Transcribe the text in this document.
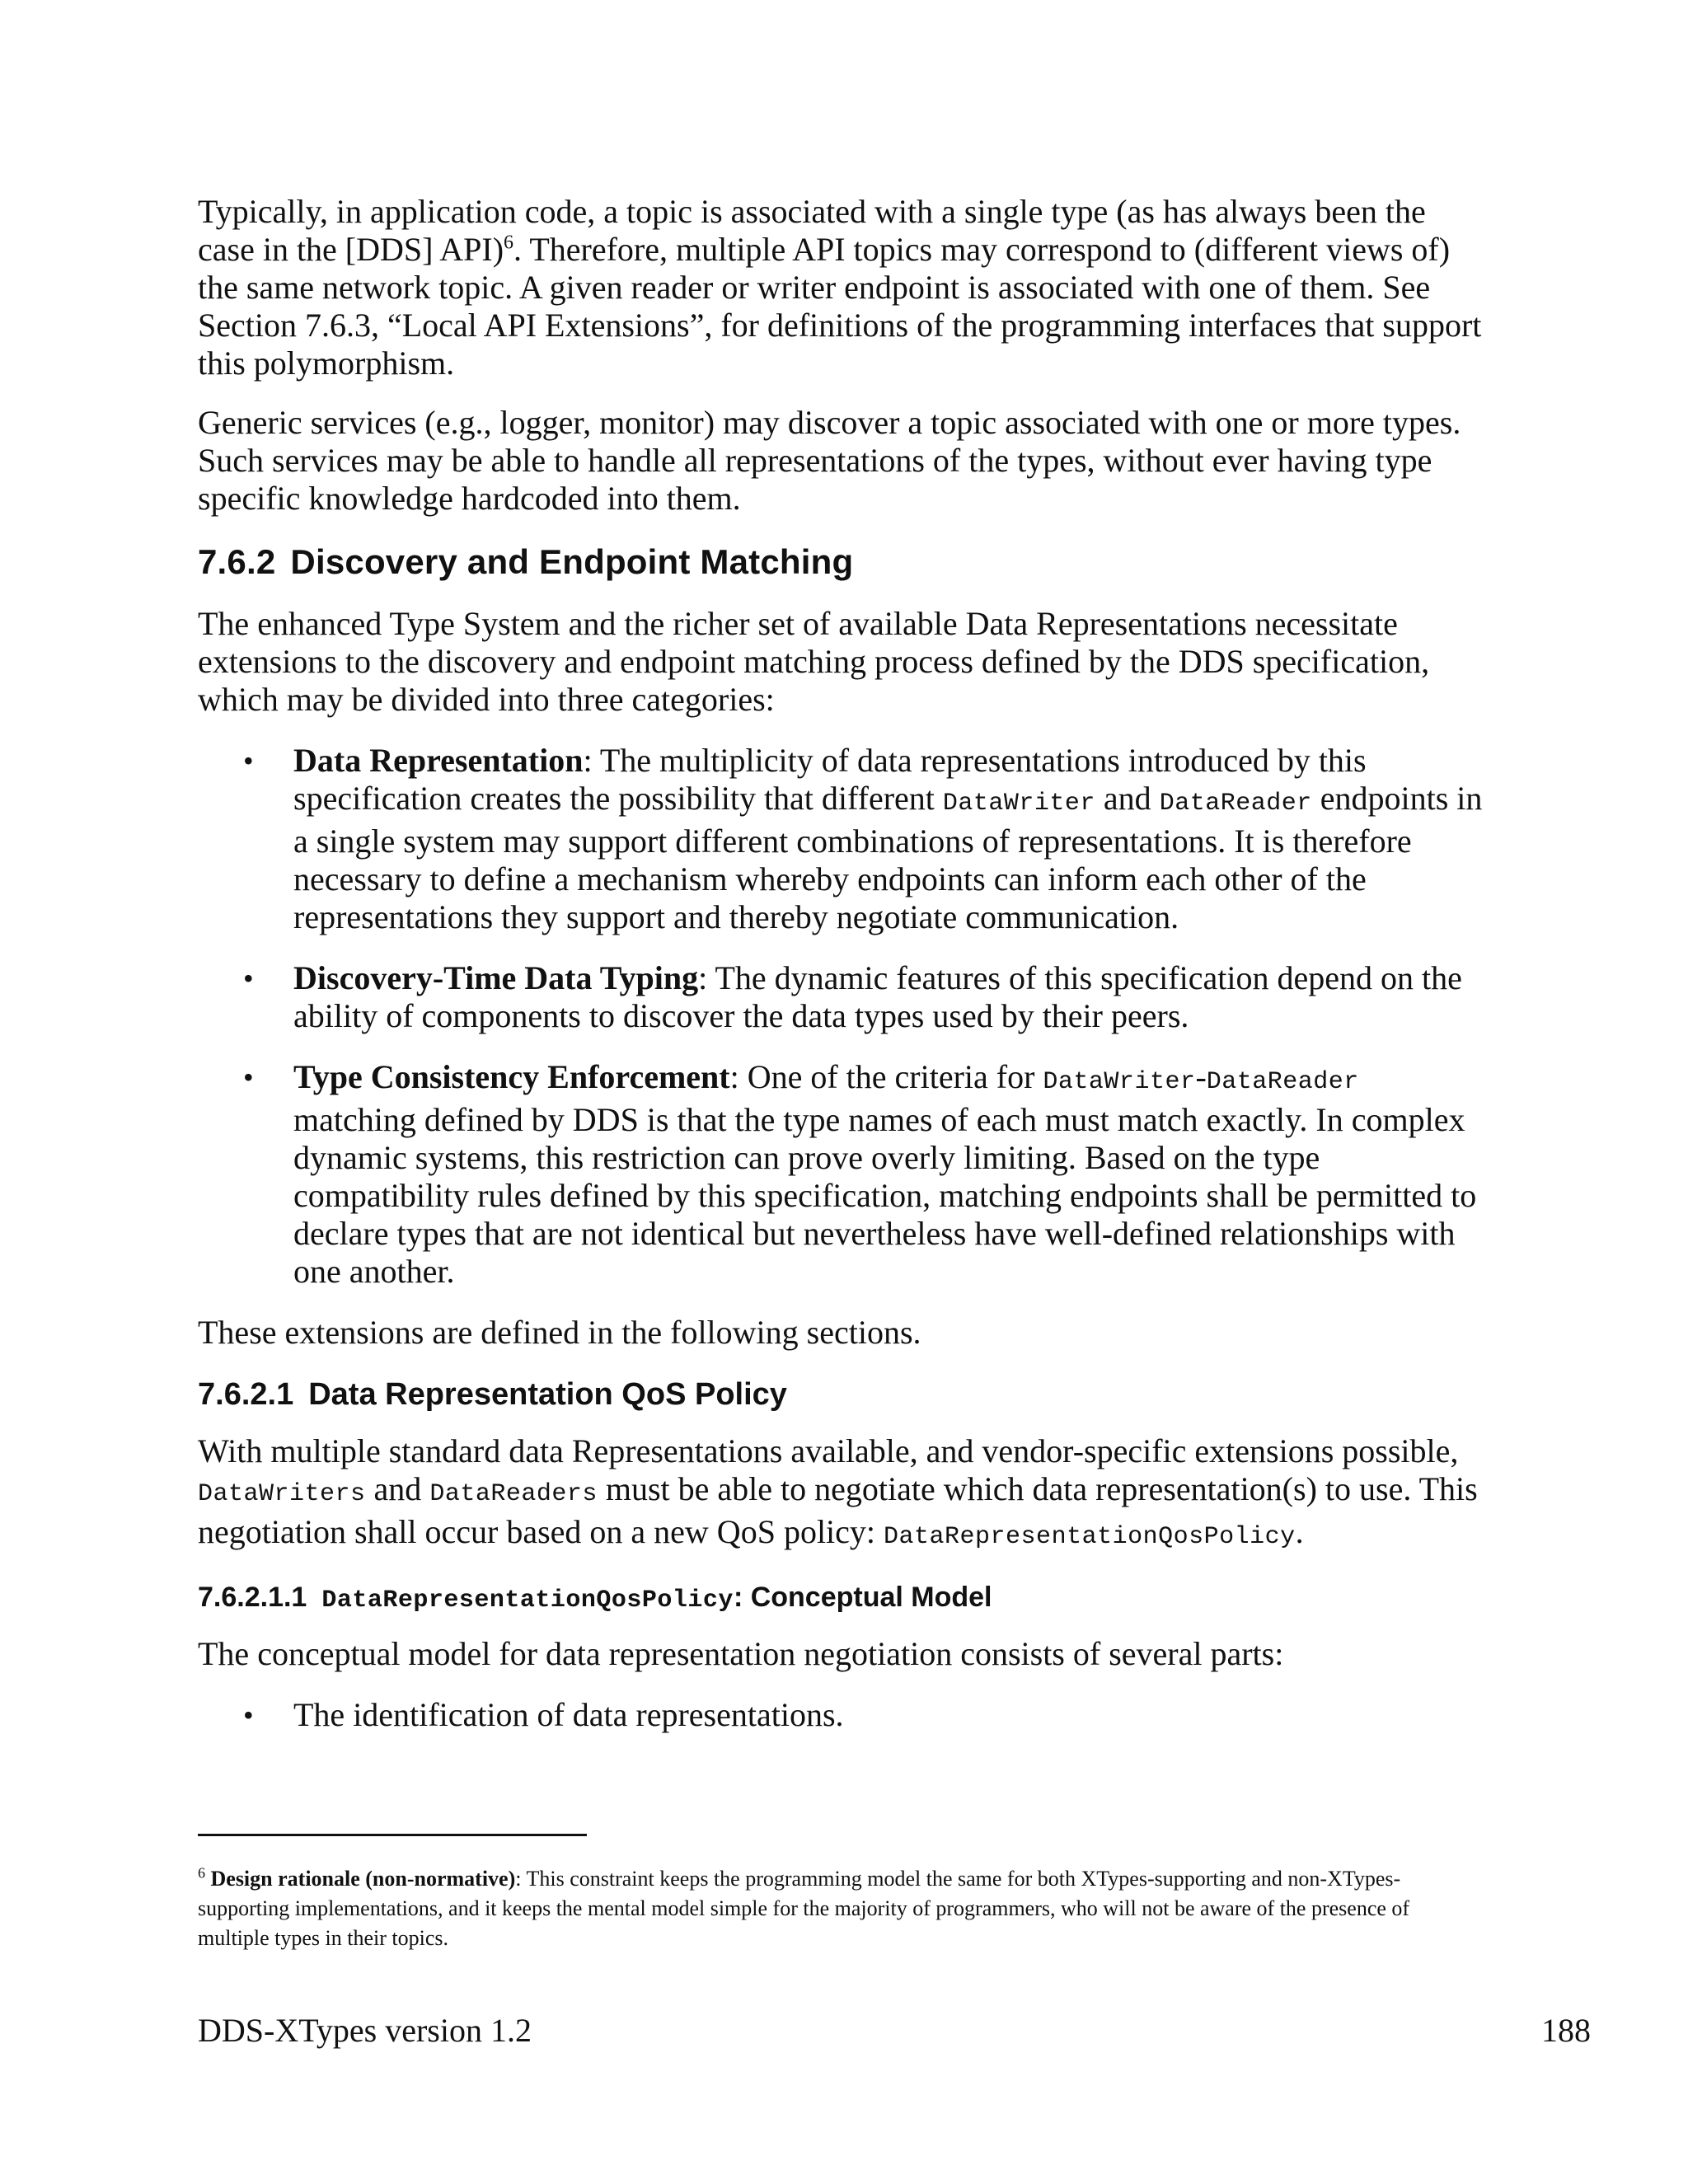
Typically, in application code, a topic is associated with a single type (as has always been the case in the [DDS] API)$^6$. Therefore, multiple API topics may correspond to (different views of) the same network topic. A given reader or writer endpoint is associated with one of them. See Section 7.6.3, “Local API Extensions”, for definitions of the programming interfaces that support this polymorphism.

Generic services (e.g., logger, monitor) may discover a topic associated with one or more types. Such services may be able to handle all representations of the types, without ever having type specific knowledge hardcoded into them.

7.6.2 Discovery and Endpoint Matching

The enhanced Type System and the richer set of available Data Representations necessitate extensions to the discovery and endpoint matching process defined by the DDS specification, which may be divided into three categories:

• Data Representation: The multiplicity of data representations introduced by this specification creates the possibility that different DataWriter and DataReader endpoints in a single system may support different combinations of representations. It is therefore necessary to define a mechanism whereby endpoints can inform each other of the representations they support and thereby negotiate communication.
• Discovery-Time Data Typing: The dynamic features of this specification depend on the ability of components to discover the data types used by their peers.
• Type Consistency Enforcement: One of the criteria for DataWriter-DataReader matching defined by DDS is that the type names of each must match exactly. In complex dynamic systems, this restriction can prove overly limiting. Based on the type compatibility rules defined by this specification, matching endpoints shall be permitted to declare types that are not identical but nevertheless have well-defined relationships with one another.

These extensions are defined in the following sections.

7.6.2.1 Data Representation QoS Policy

With multiple standard data Representations available, and vendor-specific extensions possible, DataWriters and DataReaders must be able to negotiate which data representation(s) to use. This negotiation shall occur based on a new QoS policy: DataRepresentationQosPolicy.

7.6.2.1.1 DataRepresentationQosPolicy: Conceptual Model

The conceptual model for data representation negotiation consists of several parts:

• The identification of data representations.
$^6$ Design rationale (non-normative): This constraint keeps the programming model the same for both XTypes-supporting and non-XTypes-supporting implementations, and it keeps the mental model simple for the majority of programmers, who will not be aware of the presence of multiple types in their topics.
DDS-XTypes version 1.2	188
